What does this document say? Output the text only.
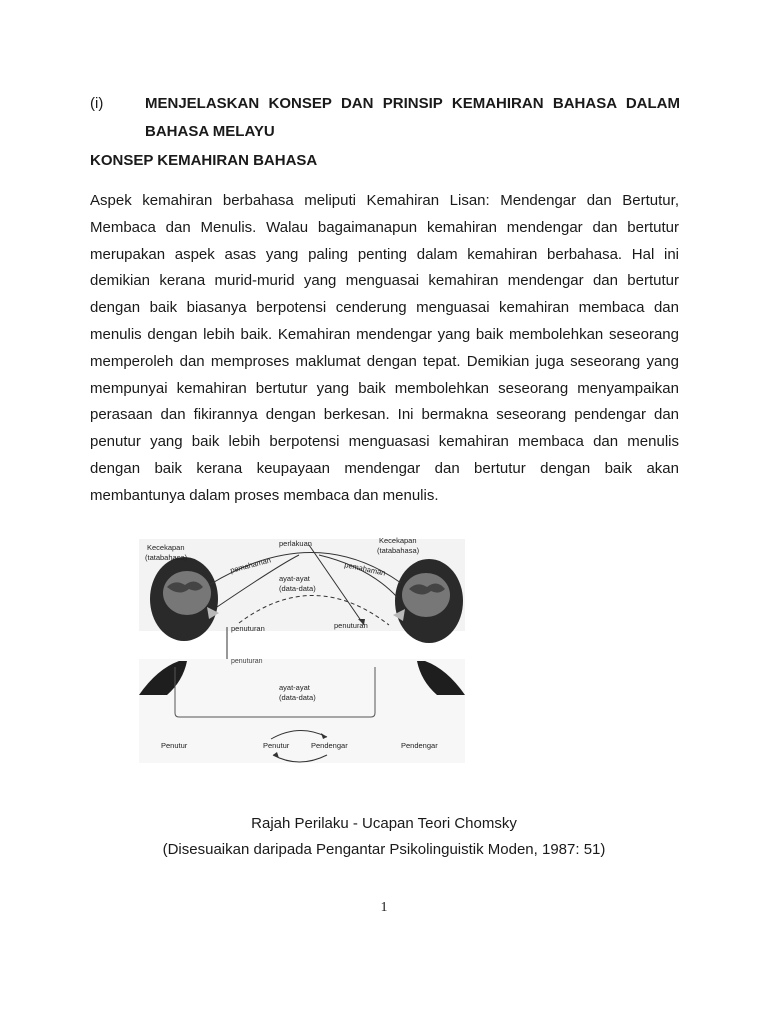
(i)	MENJELASKAN KONSEP DAN PRINSIP KEMAHIRAN BAHASA DALAM BAHASA MELAYU
KONSEP KEMAHIRAN BAHASA
Aspek kemahiran berbahasa meliputi Kemahiran Lisan: Mendengar dan Bertutur, Membaca dan Menulis. Walau bagaimanapun kemahiran mendengar dan bertutur merupakan aspek asas yang paling penting dalam kemahiran berbahasa. Hal ini demikian kerana murid-murid yang menguasai kemahiran mendengar dan bertutur dengan baik biasanya berpotensi cenderung menguasai kemahiran membaca dan menulis dengan lebih baik. Kemahiran mendengar yang baik membolehkan seseorang memperoleh dan memproses maklumat dengan tepat. Demikian juga seseorang yang mempunyai kemahiran bertutur yang baik membolehkan seseorang menyampaikan perasaan dan fikirannya dengan berkesan. Ini bermakna seseorang pendengar dan penutur yang baik lebih berpotensi menguasasi kemahiran membaca dan menulis dengan baik kerana keupayaan mendengar dan bertutur dengan baik akan membantunya dalam proses membaca dan menulis.
Kecekapan
(tatabahasa)
perlakuan	Kecekapan
(tatabahasa)
pemahaman	pemahaman
ayat-ayat
(data-data)
penuturan	penuturan
penuturan
ayat-ayat
(data-data)
Penutur	Penutur	Pendengar	Pendengar
Rajah Perilaku - Ucapan Teori Chomsky
(Disesuaikan daripada Pengantar Psikolinguistik Moden, 1987: 51)
1
